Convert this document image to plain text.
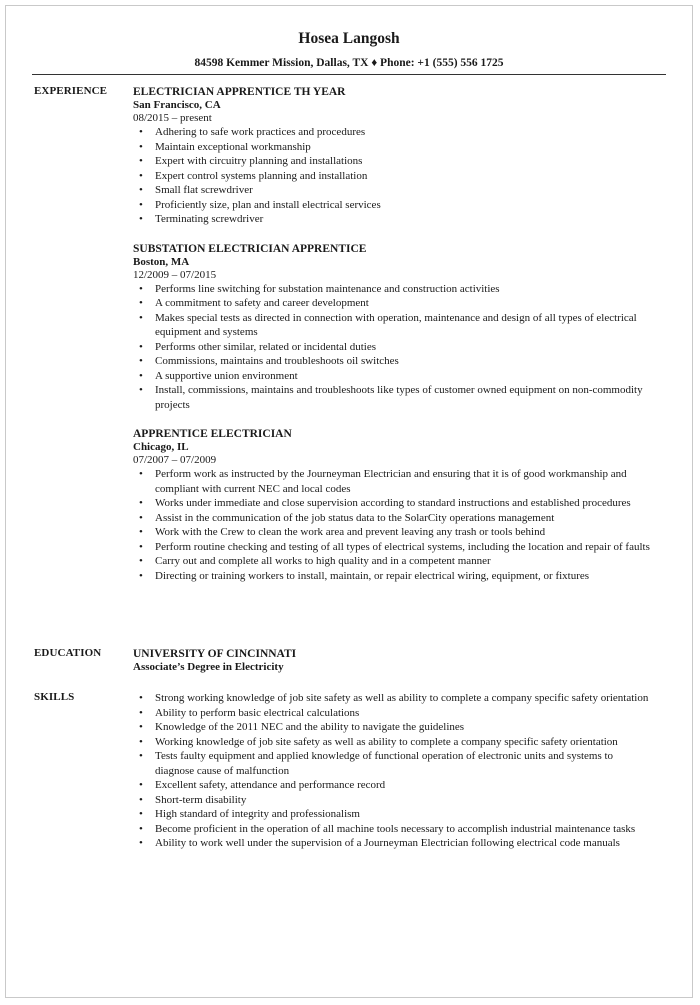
Hosea Langosh
84598 Kemmer Mission, Dallas, TX ♦ Phone: +1 (555) 556 1725
EXPERIENCE ELECTRICIAN APPRENTICE TH YEAR
San Francisco, CA
08/2015 – present
• Adhering to safe work practices and procedures
• Maintain exceptional workmanship
• Expert with circuitry planning and installations
• Expert control systems planning and installation
• Small flat screwdriver
• Proficiently size, plan and install electrical services
• Terminating screwdriver
SUBSTATION ELECTRICIAN APPRENTICE
Boston, MA
12/2009 – 07/2015
• Performs line switching for substation maintenance and construction activities
• A commitment to safety and career development
• Makes special tests as directed in connection with operation, maintenance and design of all types of electrical equipment and systems
• Performs other similar, related or incidental duties
• Commissions, maintains and troubleshoots oil switches
• A supportive union environment
• Install, commissions, maintains and troubleshoots like types of customer owned equipment on non-commodity projects
APPRENTICE ELECTRICIAN
Chicago, IL
07/2007 – 07/2009
• Perform work as instructed by the Journeyman Electrician and ensuring that it is of good workmanship and compliant with current NEC and local codes
• Works under immediate and close supervision according to standard instructions and established procedures
• Assist in the communication of the job status data to the SolarCity operations management
• Work with the Crew to clean the work area and prevent leaving any trash or tools behind
• Perform routine checking and testing of all types of electrical systems, including the location and repair of faults
• Carry out and complete all works to high quality and in a competent manner
• Directing or training workers to install, maintain, or repair electrical wiring, equipment, or fixtures
EDUCATION	UNIVERSITY OF CINCINNATI
Associate’s Degree in Electricity
SKILLS	• Strong working knowledge of job site safety as well as ability to complete a company specific safety orientation
• Ability to perform basic electrical calculations
• Knowledge of the 2011 NEC and the ability to navigate the guidelines
• Working knowledge of job site safety as well as ability to complete a company specific safety orientation
• Tests faulty equipment and applied knowledge of functional operation of electronic units and systems to diagnose cause of malfunction
• Excellent safety, attendance and performance record
• Short-term disability
• High standard of integrity and professionalism
• Become proficient in the operation of all machine tools necessary to accomplish industrial maintenance tasks
• Ability to work well under the supervision of a Journeyman Electrician following electrical code manuals
